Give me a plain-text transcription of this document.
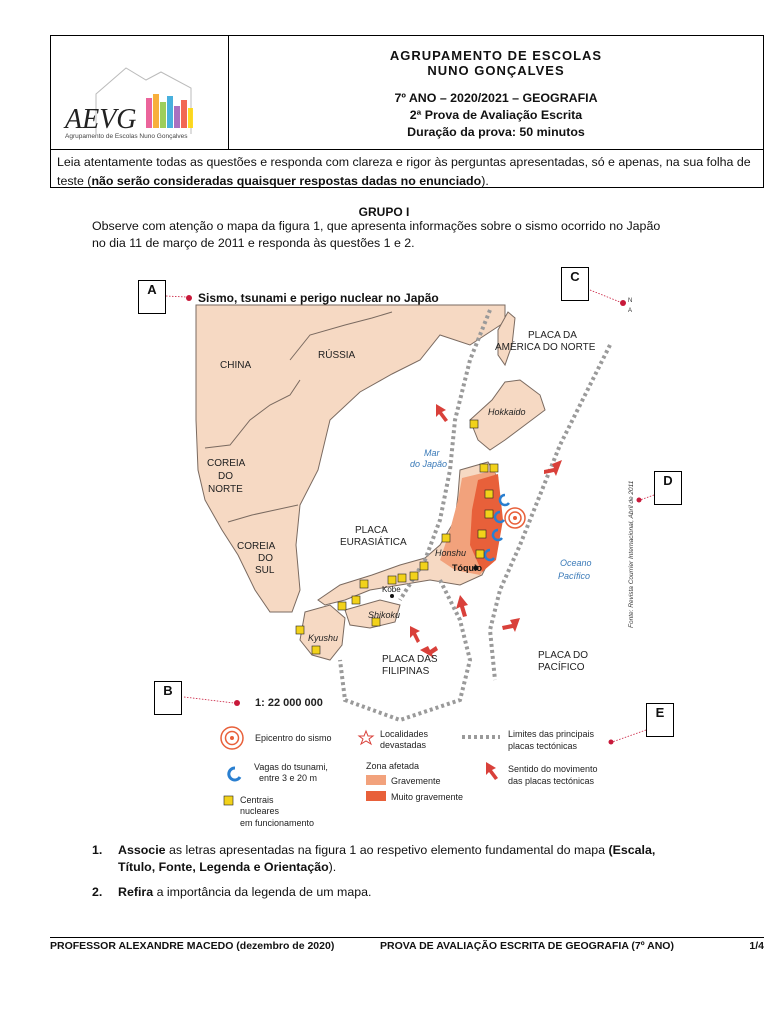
AEVG
Agrupamento de Escolas Nuno Gonçalves
AGRUPAMENTO DE ESCOLAS
NUNO GONÇALVES
7º ANO – 2020/2021 – GEOGRAFIA
2ª Prova de Avaliação Escrita
Duração da prova: 50 minutos
Leia atentamente todas as questões e responda com clareza e rigor às perguntas apresentadas, só e apenas, na sua folha de teste (não serão consideradas quaisquer respostas dadas no enunciado).
GRUPO I
Observe com atenção o mapa da figura 1, que apresenta informações sobre o sismo ocorrido no Japão
no dia 11 de março de 2011 e responda às questões 1 e 2.
Sismo, tsunami e perigo nuclear no Japão
CHINA
RÚSSIA
COREIA
DO
NORTE
COREIA
DO
SUL
PLACA DA
AMÉRICA DO NORTE
PLACA
EURASIÁTICA
PLACA DAS
FILIPINAS
PLACA DO
PACÍFICO
Hokkaido
Honshu
Shikoku
Kyushu
Kobe
Tóquio
Mar
do Japão
Oceano
Pacífico	Fonte: Revista Courrier Internacional, Abril de 2011
N
A
1: 22 000 000
Epicentro do sismo
Vagas do tsunami,
entre 3 e 20 m
Centrais
nucleares
em funcionamento
Localidades
devastadas
Zona afetada
Gravemente
Muito gravemente
Limites das principais
placas tectónicas
Sentido do movimento
das placas tectónicas
A
C
D
B
E
1. Associe as letras apresentadas na figura 1 ao respetivo elemento fundamental do mapa (Escala,
Título, Fonte, Legenda e Orientação).
2. Refira a importância da legenda de um mapa.
PROFESSOR ALEXANDRE MACEDO (dezembro de 2020)	PROVA DE AVALIAÇÃO ESCRITA DE GEOGRAFIA (7º ANO)	1/4
